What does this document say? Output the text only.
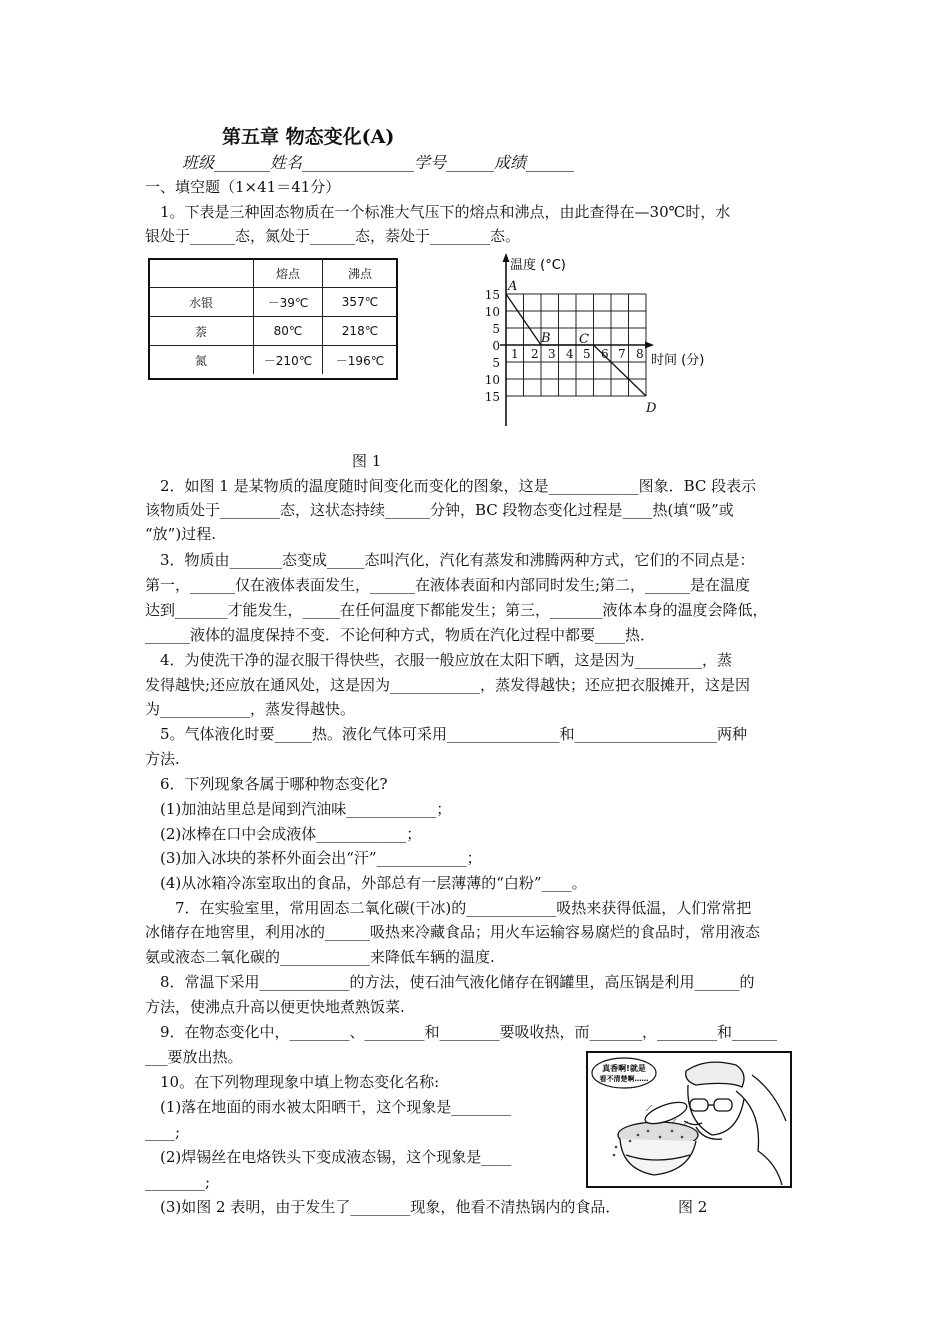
第五章 物态变化(A)
班级_______姓名______________学号______成绩______
一、填空题（1×41＝41分）
1。下表是三种固态物质在一个标准大气压下的熔点和沸点，由此查得在—30℃时，水
银处于______态，氮处于______态，萘处于________态。
	熔点	沸点
水银	－39℃	357℃
萘	80℃	218℃
氮	－210℃	－196℃
温度 (°C)
时间 (分)
15
10
5
0
5
10
15
1 2 3 4 5 6 7 8
A
B C
D
图 1
2．如图 1 是某物质的温度随时间变化而变化的图象，这是____________图象．BC 段表示
该物质处于________态，这状态持续______分钟，BC 段物态变化过程是____热(填“吸”或
“放”)过程.
3．物质由_______态变成_____态叫汽化，汽化有蒸发和沸腾两种方式，它们的不同点是：
第一，______仅在液体表面发生，______在液体表面和内部同时发生;第二，______是在温度
达到_______才能发生，_____在任何温度下都能发生；第三，_______液体本身的温度会降低，
______液体的温度保持不变．不论何种方式，物质在汽化过程中都要____热．
4．为使洗干净的湿衣服干得快些，衣服一般应放在太阳下晒，这是因为_________，蒸
发得越快;还应放在通风处，这是因为____________，蒸发得越快；还应把衣服摊开，这是因
为____________，蒸发得越快。
5。气体液化时要_____热。液化气体可采用_______________和___________________两种
方法.
6．下列现象各属于哪种物态变化?
(1)加油站里总是闻到汽油味____________；
(2)冰棒在口中会成液体____________；
(3)加入冰块的茶杯外面会出“汗”____________；
(4)从冰箱冷冻室取出的食品，外部总有一层薄薄的“白粉”____。
7．在实验室里，常用固态二氧化碳(干冰)的____________吸热来获得低温，人们常常把
冰储存在地窖里，利用冰的______吸热来冷藏食品；用火车运输容易腐烂的食品时，常用液态
氨或液态二氧化碳的____________来降低车辆的温度.
8．常温下采用____________的方法，使石油气液化储存在钢罐里，高压锅是利用______的
方法，使沸点升高以便更快地煮熟饭菜.
9．在物态变化中，________、________和________要吸收热，而_______，________和______
___要放出热。
10。在下列物理现象中填上物态变化名称:
(1)落在地面的雨水被太阳晒干，这个现象是________
____;
(2)焊锡丝在电烙铁头下变成液态锡，这个现象是____
________;
(3)如图 2 表明，由于发生了________现象，他看不清热锅内的食品．	图 2
真香啊!就是
看不清楚啊……
